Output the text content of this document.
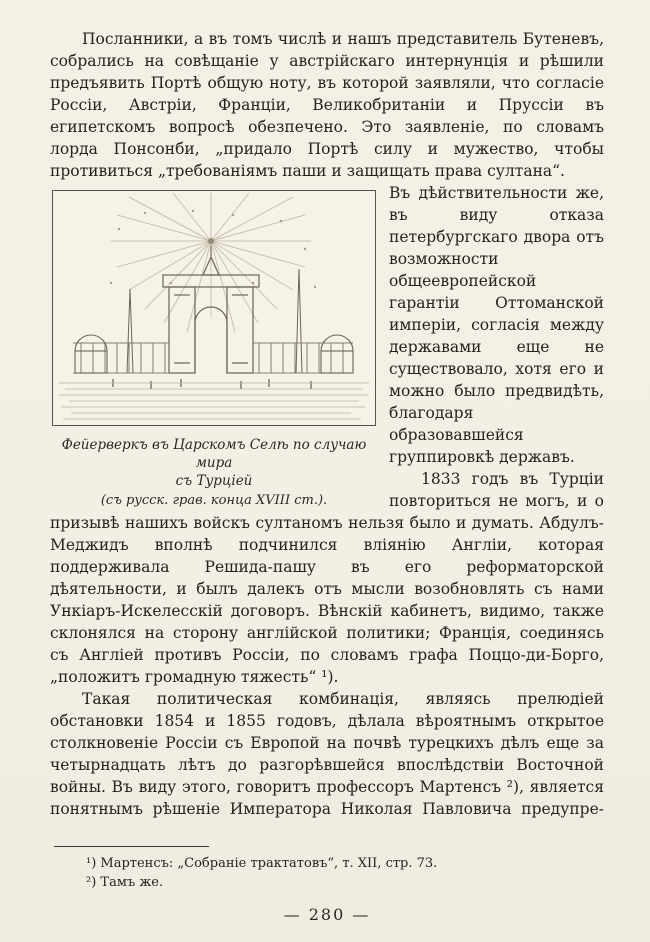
Посланники, а въ томъ числѣ и нашъ представитель Бутеневъ, собрались на совѣщаніе у австрійскаго интернунція и рѣшили предъявить Портѣ общую ноту, въ которой заявляли, что согласіе Россіи, Австріи, Франціи, Великобританіи и Пруссіи въ египетскомъ вопросѣ обезпечено. Это заявленіе, по словамъ лорда Понсонби, „придало Портѣ силу и мужество, чтобы противиться „требованіямъ паши и защищать права султана“.

Фейерверкъ въ Царскомъ Селѣ по случаю мира
съ Турціей
(съ русск. грав. конца XVIII ст.).

Въ дѣйствительности же, въ виду отказа петербургскаго двора отъ возможности общеевропейской гарантіи Оттоманской имперіи, согласія между державами еще не существовало, хотя его и можно было предвидѣть, благодаря образовавшейся группировкѣ державъ.

1833 годъ въ Турціи повториться не могъ, и о призывѣ нашихъ войскъ султаномъ нельзя было и думать. Абдулъ-Меджидъ вполнѣ подчинился вліянію Англіи, которая поддерживала Решида-пашу въ его реформаторской дѣятельности, и былъ далекъ отъ мысли возобновлять съ нами Ункіаръ-Искелесскій договоръ. Вѣнскій кабинетъ, видимо, также склонялся на сторону англійской политики; Франція, соединясь съ Англіей противъ Россіи, по словамъ графа Поццо-ди-Борго, „положитъ громадную тяжесть“ ¹).

Такая политическая комбинація, являясь прелюдіей обстановки 1854 и 1855 годовъ, дѣлала вѣроятнымъ открытое столкновеніе Россіи съ Европой на почвѣ турецкихъ дѣлъ еще за четырнадцать лѣтъ до разгорѣвшейся впослѣдствіи Восточной войны. Въ виду этого, говоритъ профессоръ Мартенсъ ²), является понятнымъ рѣшеніе Императора Николая Павловича предупре-

¹) Мартенсъ: „Собраніе трактатовъ“, т. XII, стр. 73.
²) Тамъ же.
— 280 —
